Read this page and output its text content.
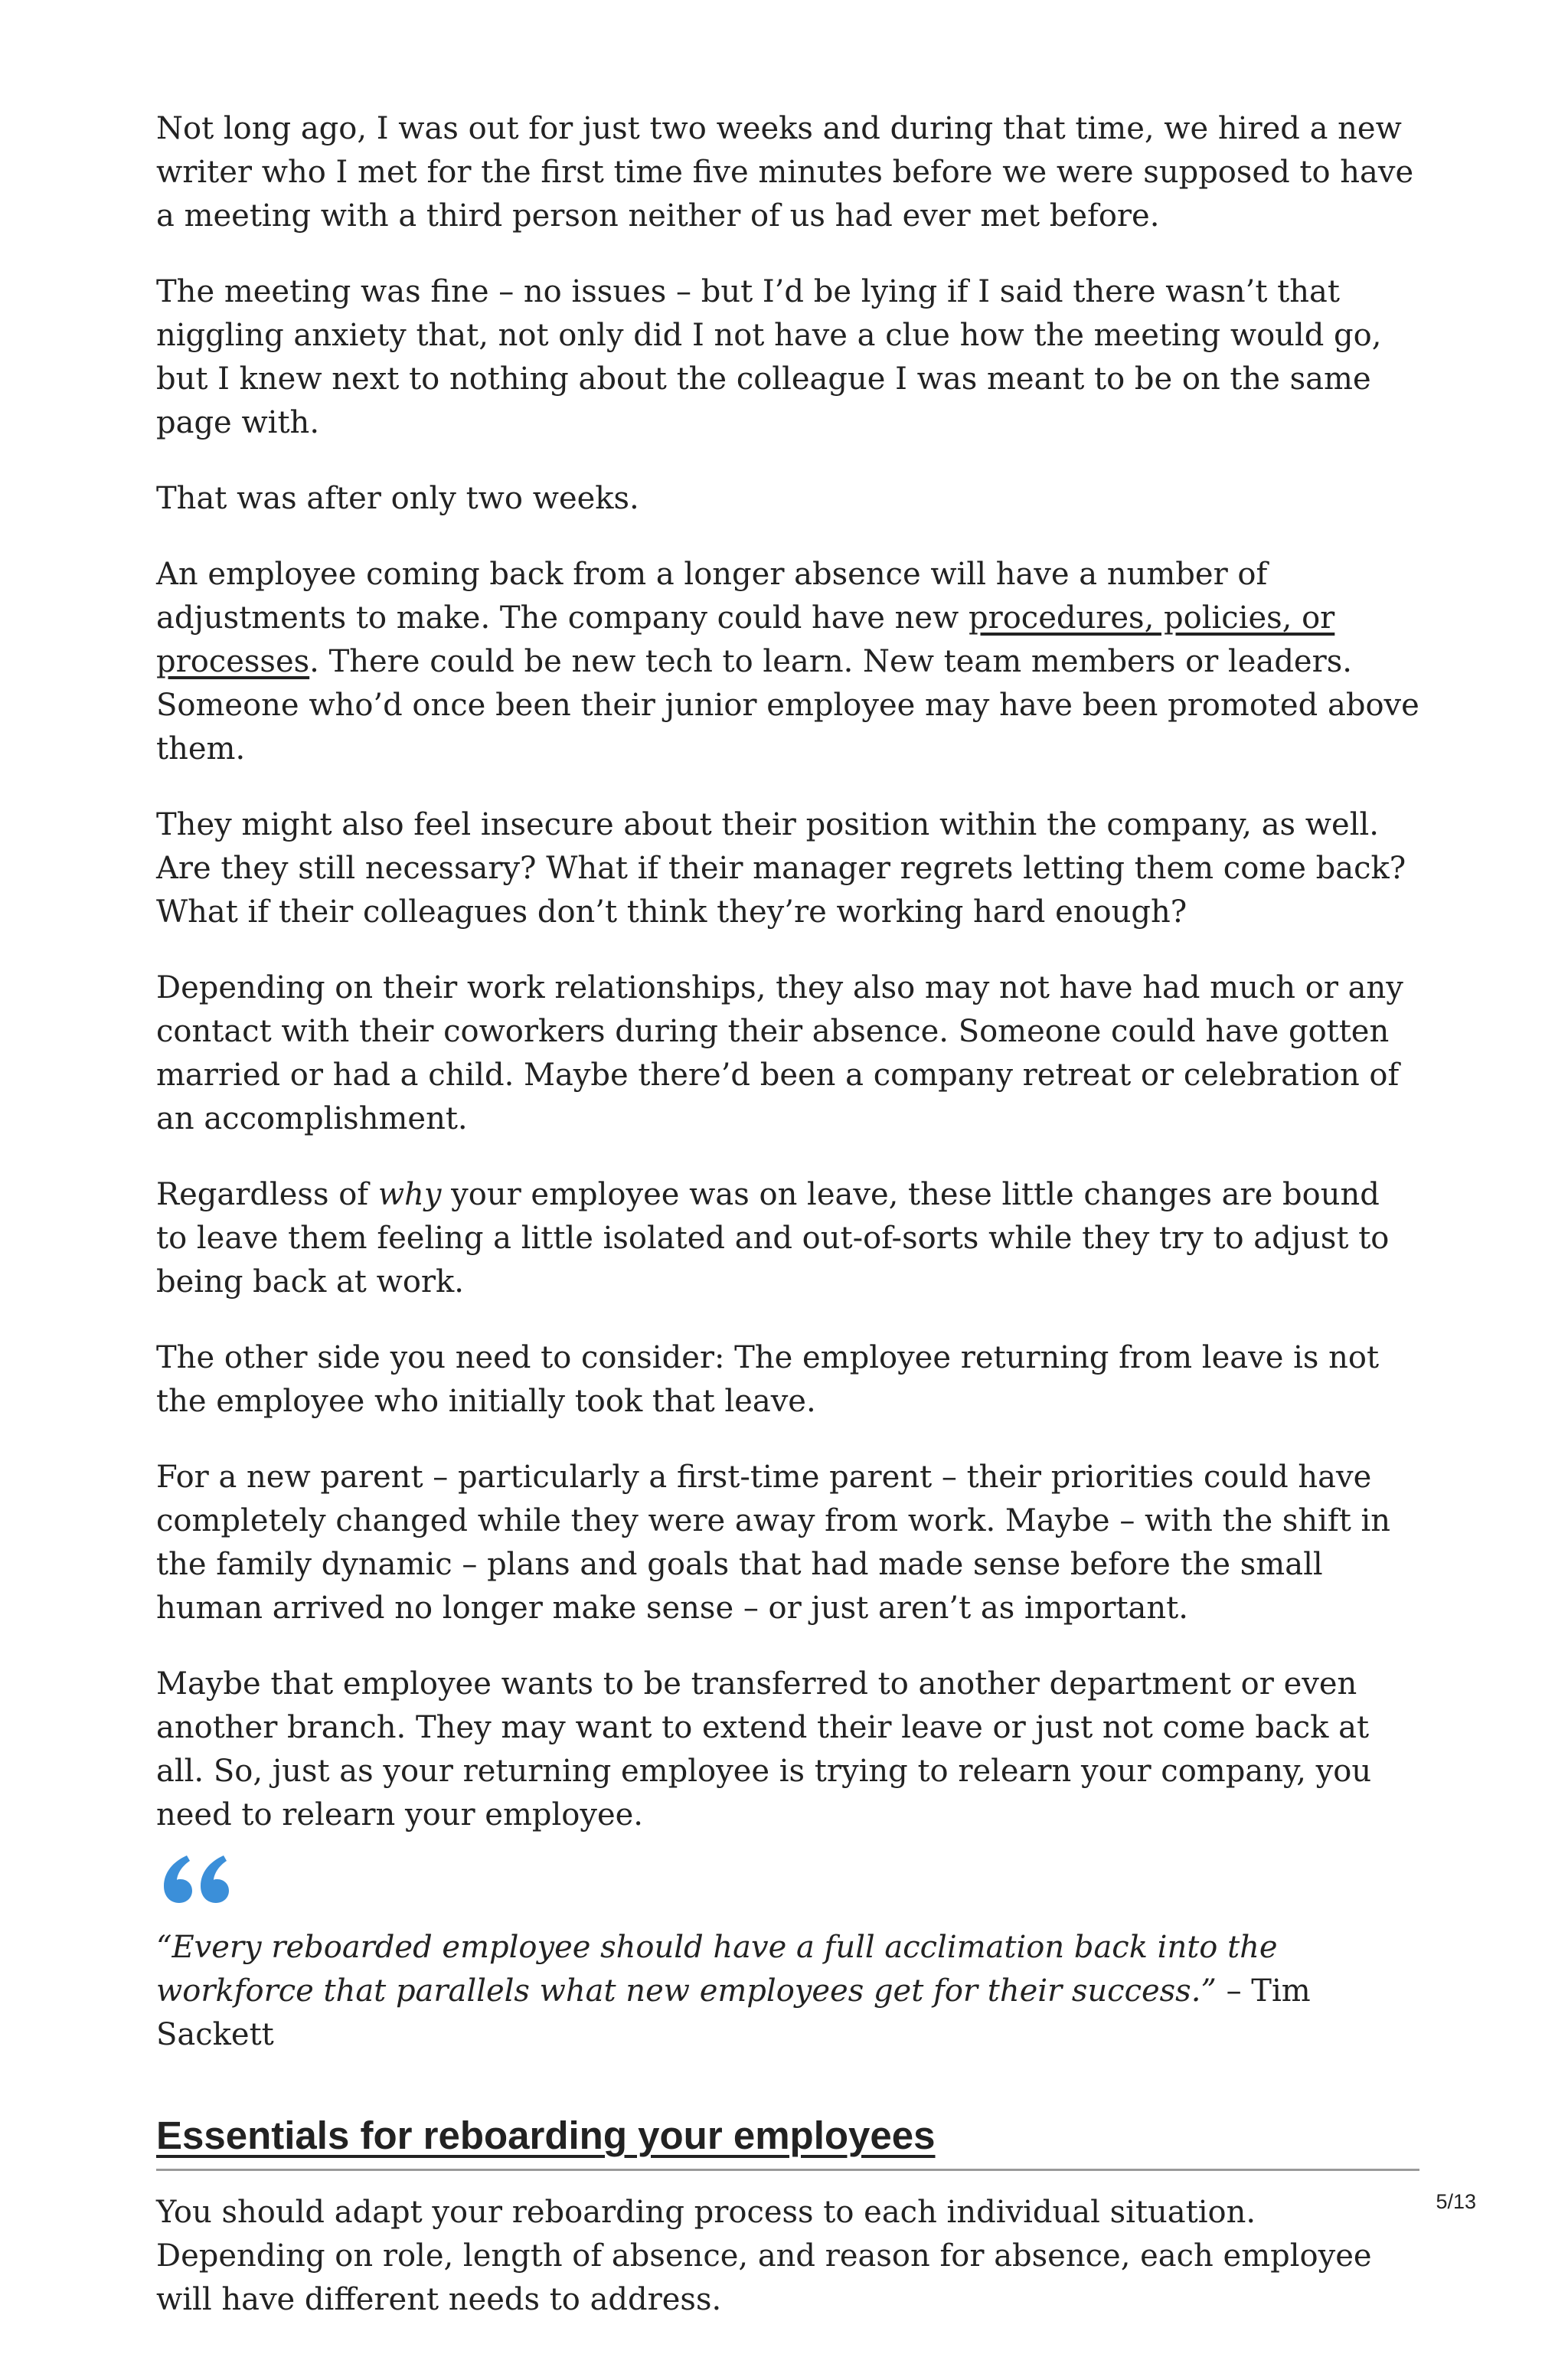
Not long ago, I was out for just two weeks and during that time, we hired a new writer who I met for the first time five minutes before we were supposed to have a meeting with a third person neither of us had ever met before.

The meeting was fine – no issues – but I’d be lying if I said there wasn’t that niggling anxiety that, not only did I not have a clue how the meeting would go, but I knew next to nothing about the colleague I was meant to be on the same page with.

That was after only two weeks.

An employee coming back from a longer absence will have a number of adjustments to make. The company could have new procedures, policies, or processes. There could be new tech to learn. New team members or leaders. Someone who’d once been their junior employee may have been promoted above them.

They might also feel insecure about their position within the company, as well. Are they still necessary? What if their manager regrets letting them come back? What if their colleagues don’t think they’re working hard enough?

Depending on their work relationships, they also may not have had much or any contact with their coworkers during their absence. Someone could have gotten married or had a child. Maybe there’d been a company retreat or celebration of an accomplishment.

Regardless of why your employee was on leave, these little changes are bound to leave them feeling a little isolated and out-of-sorts while they try to adjust to being back at work.

The other side you need to consider: The employee returning from leave is not the employee who initially took that leave.

For a new parent – particularly a first-time parent – their priorities could have completely changed while they were away from work. Maybe – with the shift in the family dynamic – plans and goals that had made sense before the small human arrived no longer make sense – or just aren’t as important.

Maybe that employee wants to be transferred to another department or even another branch. They may want to extend their leave or just not come back at all. So, just as your returning employee is trying to relearn your company, you need to relearn your employee.

“Every reboarded employee should have a full acclimation back into the workforce that parallels what new employees get for their success.” – Tim Sackett

Essentials for reboarding your employees

You should adapt your reboarding process to each individual situation. Depending on role, length of absence, and reason for absence, each employee will have different needs to address.

5/13
